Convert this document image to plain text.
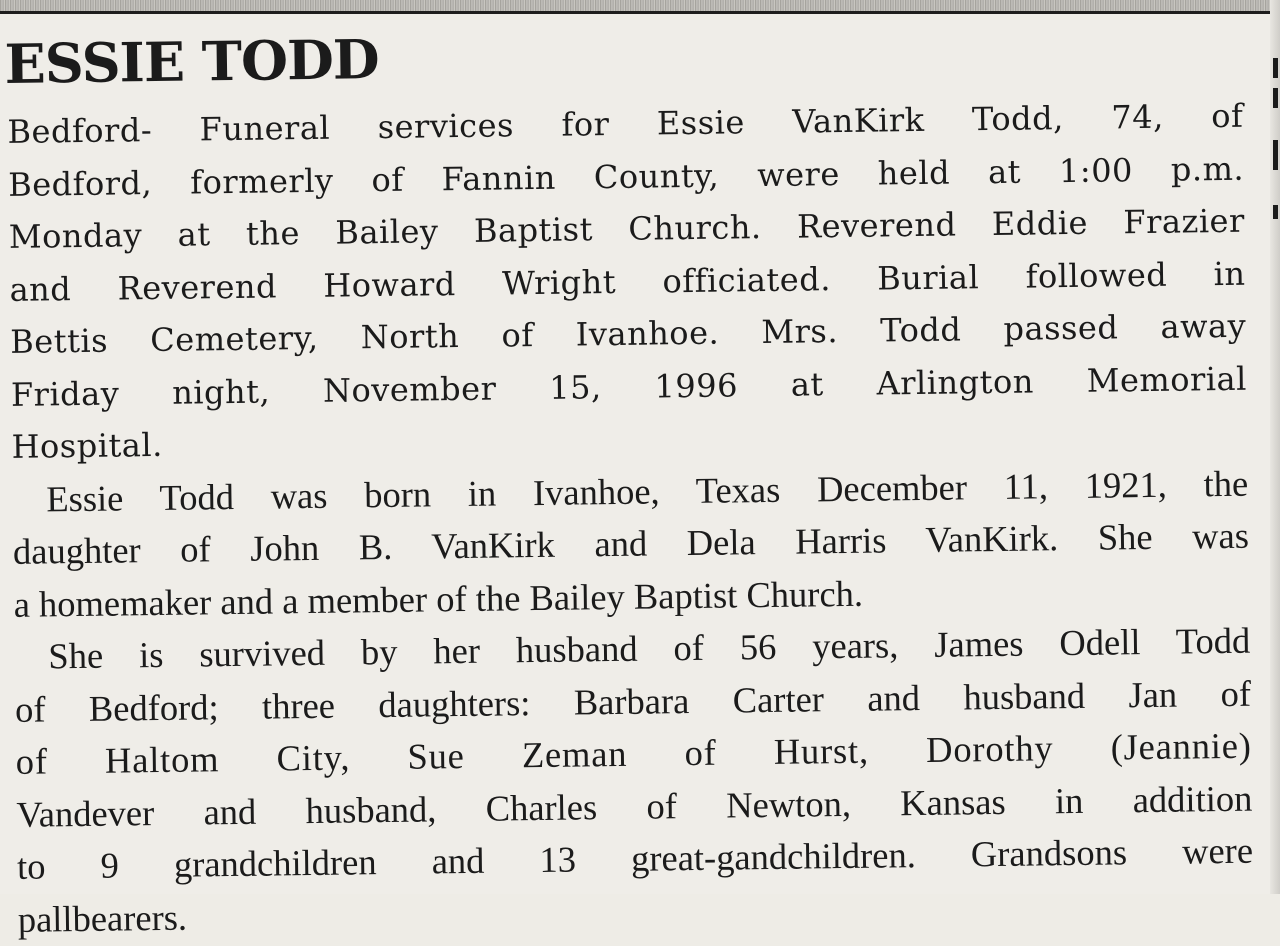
ESSIE TODD
Bedford- Funeral services for Essie VanKirk Todd, 74, of
Bedford, formerly of Fannin County, were held at 1:00 p.m.
Monday at the Bailey Baptist Church. Reverend Eddie Frazier
and Reverend Howard Wright officiated. Burial followed in
Bettis Cemetery, North of Ivanhoe. Mrs. Todd passed away
Friday night, November 15, 1996 at Arlington Memorial
Hospital.
Essie Todd was born in Ivanhoe, Texas December 11, 1921, the
daughter of John B. VanKirk and Dela Harris VanKirk. She was
a homemaker and a member of the Bailey Baptist Church.
She is survived by her husband of 56 years, James Odell Todd
of Bedford; three daughters: Barbara Carter and husband Jan of
of Haltom City, Sue Zeman of Hurst, Dorothy (Jeannie)
Vandever and husband, Charles of Newton, Kansas in addition
to 9 grandchildren and 13 great-gandchildren. Grandsons were
pallbearers.
